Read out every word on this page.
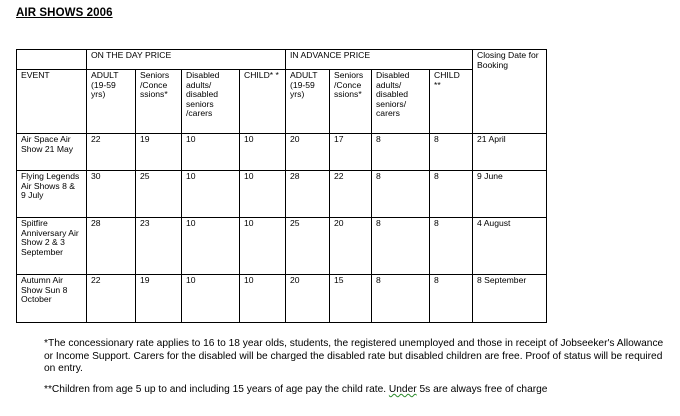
AIR SHOWS 2006
	ON THE DAY PRICE				IN ADVANCE PRICE				Closing Date for Booking
EVENT	ADULT (19-59 yrs)	Seniors /Conce ssions*	Disabled adults/ disabled seniors /carers	CHILD* *	ADULT (19-59 yrs)	Seniors /Conce ssions*	Disabled adults/ disabled seniors/ carers	CHILD **	
Air Space Air Show 21 May	22	19	10	10	20	17	8	8	21 April
Flying Legends Air Shows 8 & 9 July	30	25	10	10	28	22	8	8	9 June
Spitfire Anniversary Air Show 2 & 3 September	28	23	10	10	25	20	8	8	4 August
Autumn Air Show Sun 8 October	22	19	10	10	20	15	8	8	8 September

*The concessionary rate applies to 16 to 18 year olds, students, the registered unemployed and those in receipt of Jobseeker's Allowance or Income Support. Carers for the disabled will be charged the disabled rate but disabled children are free. Proof of status will be required on entry.

**Children from age 5 up to and including 15 years of age pay the child rate. Under 5s are always free of charge
